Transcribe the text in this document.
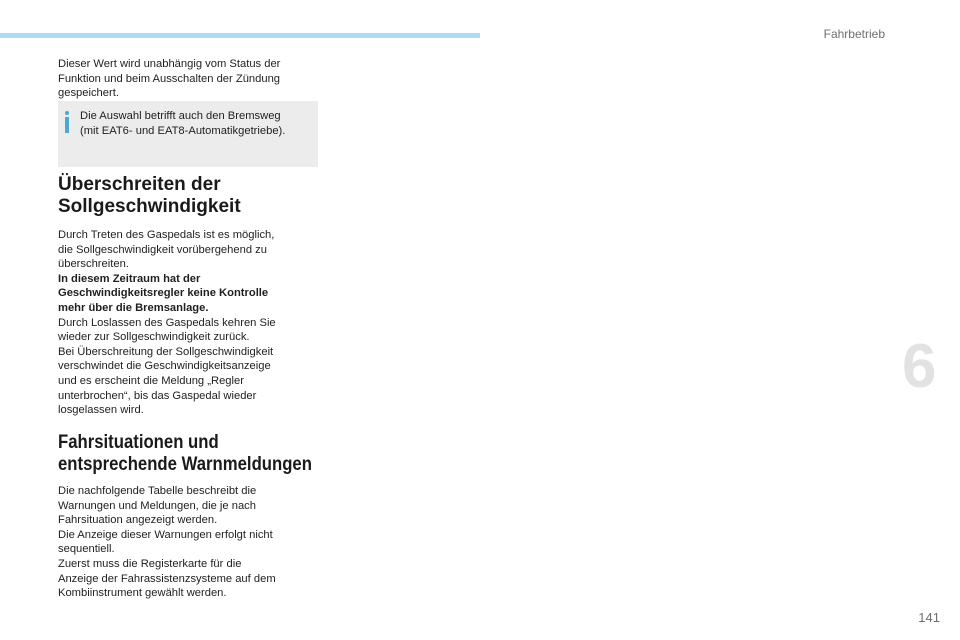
Fahrbetrieb
6
Dieser Wert wird unabhängig vom Status der
Funktion und beim Ausschalten der Zündung
gespeichert.
Die Auswahl betrifft auch den Bremsweg
(mit EAT6- und EAT8-Automatikgetriebe).
Überschreiten der
Sollgeschwindigkeit
Durch Treten des Gaspedals ist es möglich,
die Sollgeschwindigkeit vorübergehend zu
überschreiten.
In diesem Zeitraum hat der
Geschwindigkeitsregler keine Kontrolle
mehr über die Bremsanlage.
Durch Loslassen des Gaspedals kehren Sie
wieder zur Sollgeschwindigkeit zurück.
Bei Überschreitung der Sollgeschwindigkeit
verschwindet die Geschwindigkeitsanzeige
und es erscheint die Meldung „Regler
unterbrochen“, bis das Gaspedal wieder
losgelassen wird.
Fahrsituationen und
entsprechende Warnmeldungen
Die nachfolgende Tabelle beschreibt die
Warnungen und Meldungen, die je nach
Fahrsituation angezeigt werden.
Die Anzeige dieser Warnungen erfolgt nicht
sequentiell.
Zuerst muss die Registerkarte für die
Anzeige der Fahrassistenzsysteme auf dem
Kombiinstrument gewählt werden.
141
